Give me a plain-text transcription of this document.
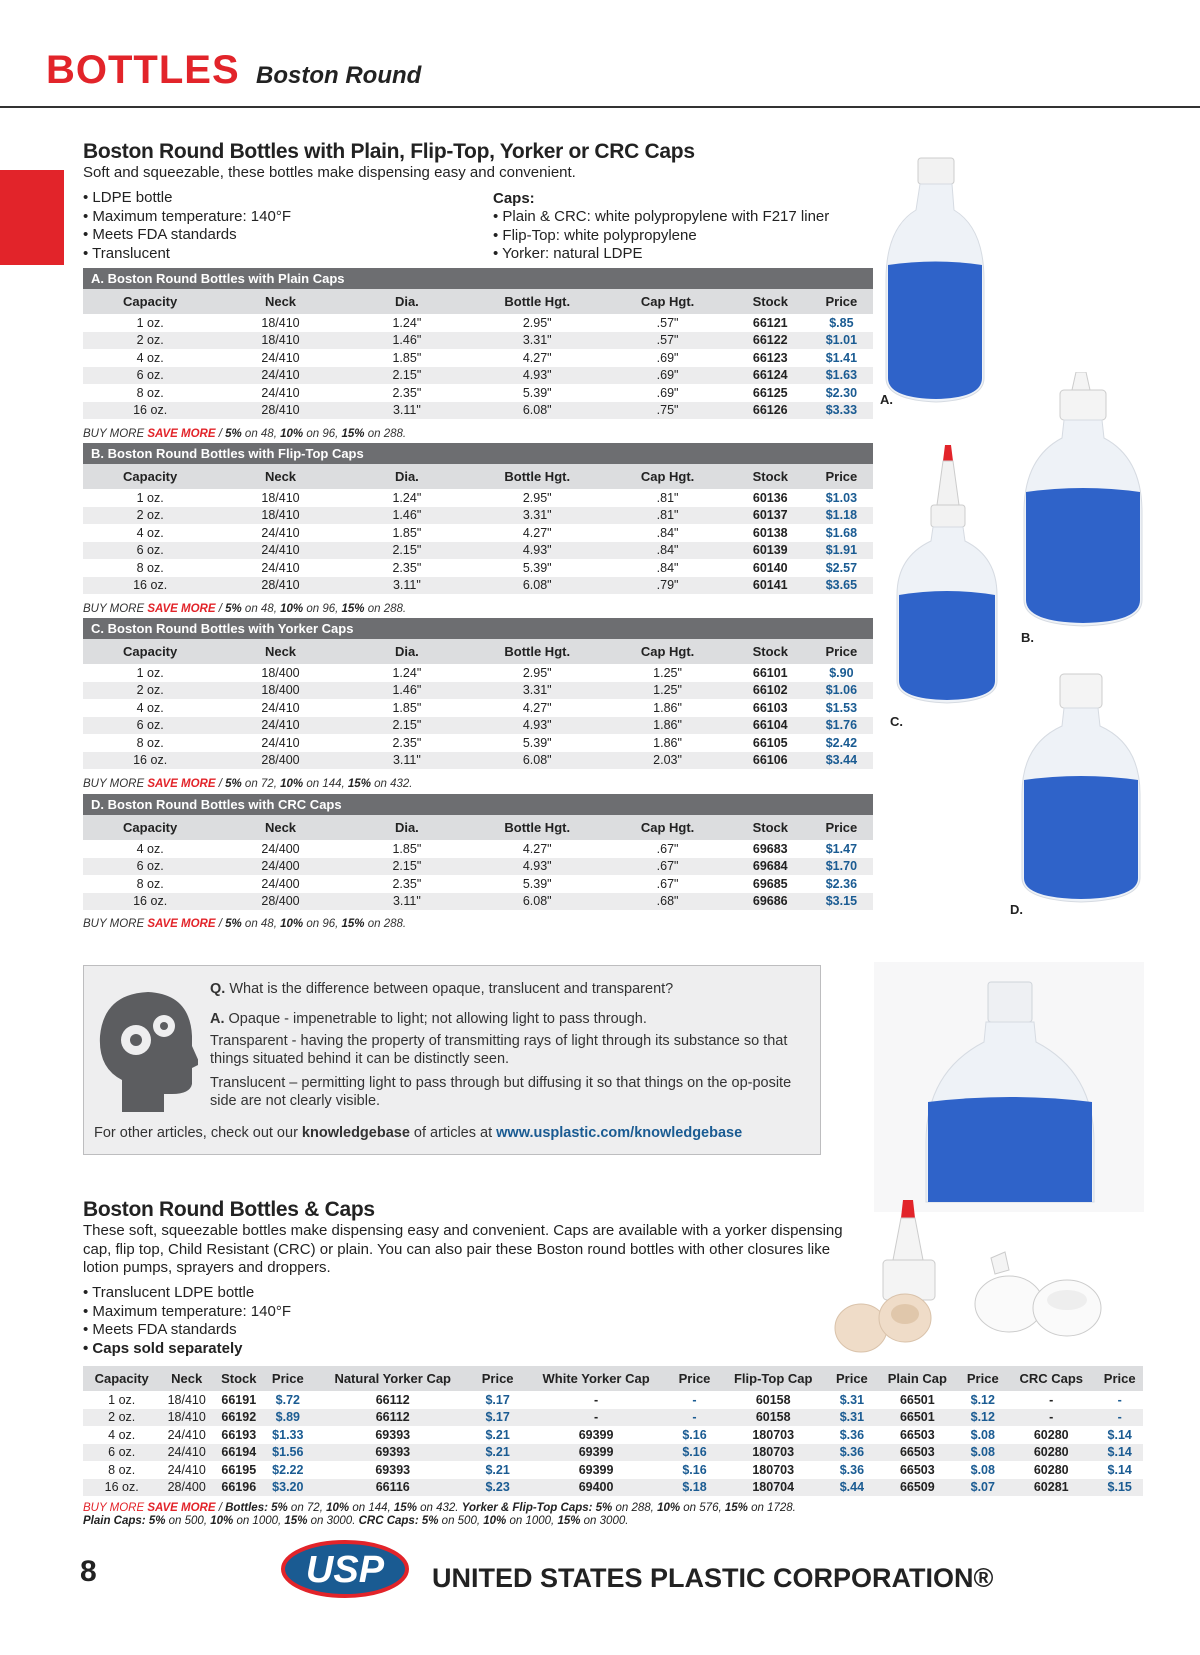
BOTTLES Boston Round
Boston Round Bottles with Plain, Flip-Top, Yorker or CRC Caps
Soft and squeezable, these bottles make dispensing easy and convenient.
• LDPE bottle
• Maximum temperature: 140°F
• Meets FDA standards
• Translucent
Caps:
• Plain & CRC: white polypropylene with F217 liner
• Flip-Top: white polypropylene
• Yorker: natural LDPE
A. Boston Round Bottles with Plain Caps
Capacity	Neck	Dia.	Bottle Hgt.	Cap Hgt.	Stock	Price
1 oz.	18/410	1.24"	2.95"	.57"	66121	$.85
2 oz.	18/410	1.46"	3.31"	.57"	66122	$1.01
4 oz.	24/410	1.85"	4.27"	.69"	66123	$1.41
6 oz.	24/410	2.15"	4.93"	.69"	66124	$1.63
8 oz.	24/410	2.35"	5.39"	.69"	66125	$2.30
16 oz.	28/410	3.11"	6.08"	.75"	66126	$3.33
B. Boston Round Bottles with Flip-Top Caps
Capacity	Neck	Dia.	Bottle Hgt.	Cap Hgt.	Stock	Price
1 oz.	18/410	1.24"	2.95"	.81"	60136	$1.03
2 oz.	18/410	1.46"	3.31"	.81"	60137	$1.18
4 oz.	24/410	1.85"	4.27"	.84"	60138	$1.68
6 oz.	24/410	2.15"	4.93"	.84"	60139	$1.91
8 oz.	24/410	2.35"	5.39"	.84"	60140	$2.57
16 oz.	28/410	3.11"	6.08"	.79"	60141	$3.65
C. Boston Round Bottles with Yorker Caps
Capacity	Neck	Dia.	Bottle Hgt.	Cap Hgt.	Stock	Price
1 oz.	18/400	1.24"	2.95"	1.25"	66101	$.90
2 oz.	18/400	1.46"	3.31"	1.25"	66102	$1.06
4 oz.	24/410	1.85"	4.27"	1.86"	66103	$1.53
6 oz.	24/410	2.15"	4.93"	1.86"	66104	$1.76
8 oz.	24/410	2.35"	5.39"	1.86"	66105	$2.42
16 oz.	28/400	3.11"	6.08"	2.03"	66106	$3.44
D. Boston Round Bottles with CRC Caps
Capacity	Neck	Dia.	Bottle Hgt.	Cap Hgt.	Stock	Price
4 oz.	24/400	1.85"	4.27"	.67"	69683	$1.47
6 oz.	24/400	2.15"	4.93"	.67"	69684	$1.70
8 oz.	24/400	2.35"	5.39"	.67"	69685	$2.36
16 oz.	28/400	3.11"	6.08"	.68"	69686	$3.15
BUY MORE SAVE MORE / 5% on 48, 10% on 96, 15% on 288.
BUY MORE SAVE MORE / 5% on 48, 10% on 96, 15% on 288.
BUY MORE SAVE MORE / 5% on 72, 10% on 144, 15% on 432.
BUY MORE SAVE MORE / 5% on 48, 10% on 96, 15% on 288.
A.
B.
C.
D.

Q. What is the difference between opaque, translucent and transparent?

A. Opaque - impenetrable to light; not allowing light to pass through.

Transparent - having the property of transmitting rays of light through its substance so that things situated behind it can be distinctly seen.

Translucent – permitting light to pass through but diffusing it so that things on the op-posite side are not clearly visible.

For other articles, check out our knowledgebase of articles at www.usplastic.com/knowledgebase

Boston Round Bottles & Caps
These soft, squeezable bottles make dispensing easy and convenient. Caps are available with a yorker dispensing cap, flip top, Child Resistant (CRC) or plain. You can also pair these Boston round bottles with other closures like lotion pumps, sprayers and droppers.
• Translucent LDPE bottle
• Maximum temperature: 140°F
• Meets FDA standards
• Caps sold separately
Capacity	Neck	Stock	Price	Natural Yorker Cap	Price	White Yorker Cap	Price	Flip-Top Cap	Price	Plain Cap	Price	CRC Caps	Price
1 oz.	18/410	66191	$.72	66112	$.17	-	-	60158	$.31	66501	$.12	-	-
2 oz.	18/410	66192	$.89	66112	$.17	-	-	60158	$.31	66501	$.12	-	-
4 oz.	24/410	66193	$1.33	69393	$.21	69399	$.16	180703	$.36	66503	$.08	60280	$.14
6 oz.	24/410	66194	$1.56	69393	$.21	69399	$.16	180703	$.36	66503	$.08	60280	$.14
8 oz.	24/410	66195	$2.22	69393	$.21	69399	$.16	180703	$.36	66503	$.08	60280	$.14
16 oz.	28/400	66196	$3.20	66116	$.23	69400	$.18	180704	$.44	66509	$.07	60281	$.15
BUY MORE SAVE MORE / Bottles: 5% on 72, 10% on 144, 15% on 432. Yorker & Flip-Top Caps: 5% on 288, 10% on 576, 15% on 1728.
Plain Caps: 5% on 500, 10% on 1000, 15% on 3000. CRC Caps: 5% on 500, 10% on 1000, 15% on 3000.
8	USP UNITED STATES PLASTIC CORPORATION®
